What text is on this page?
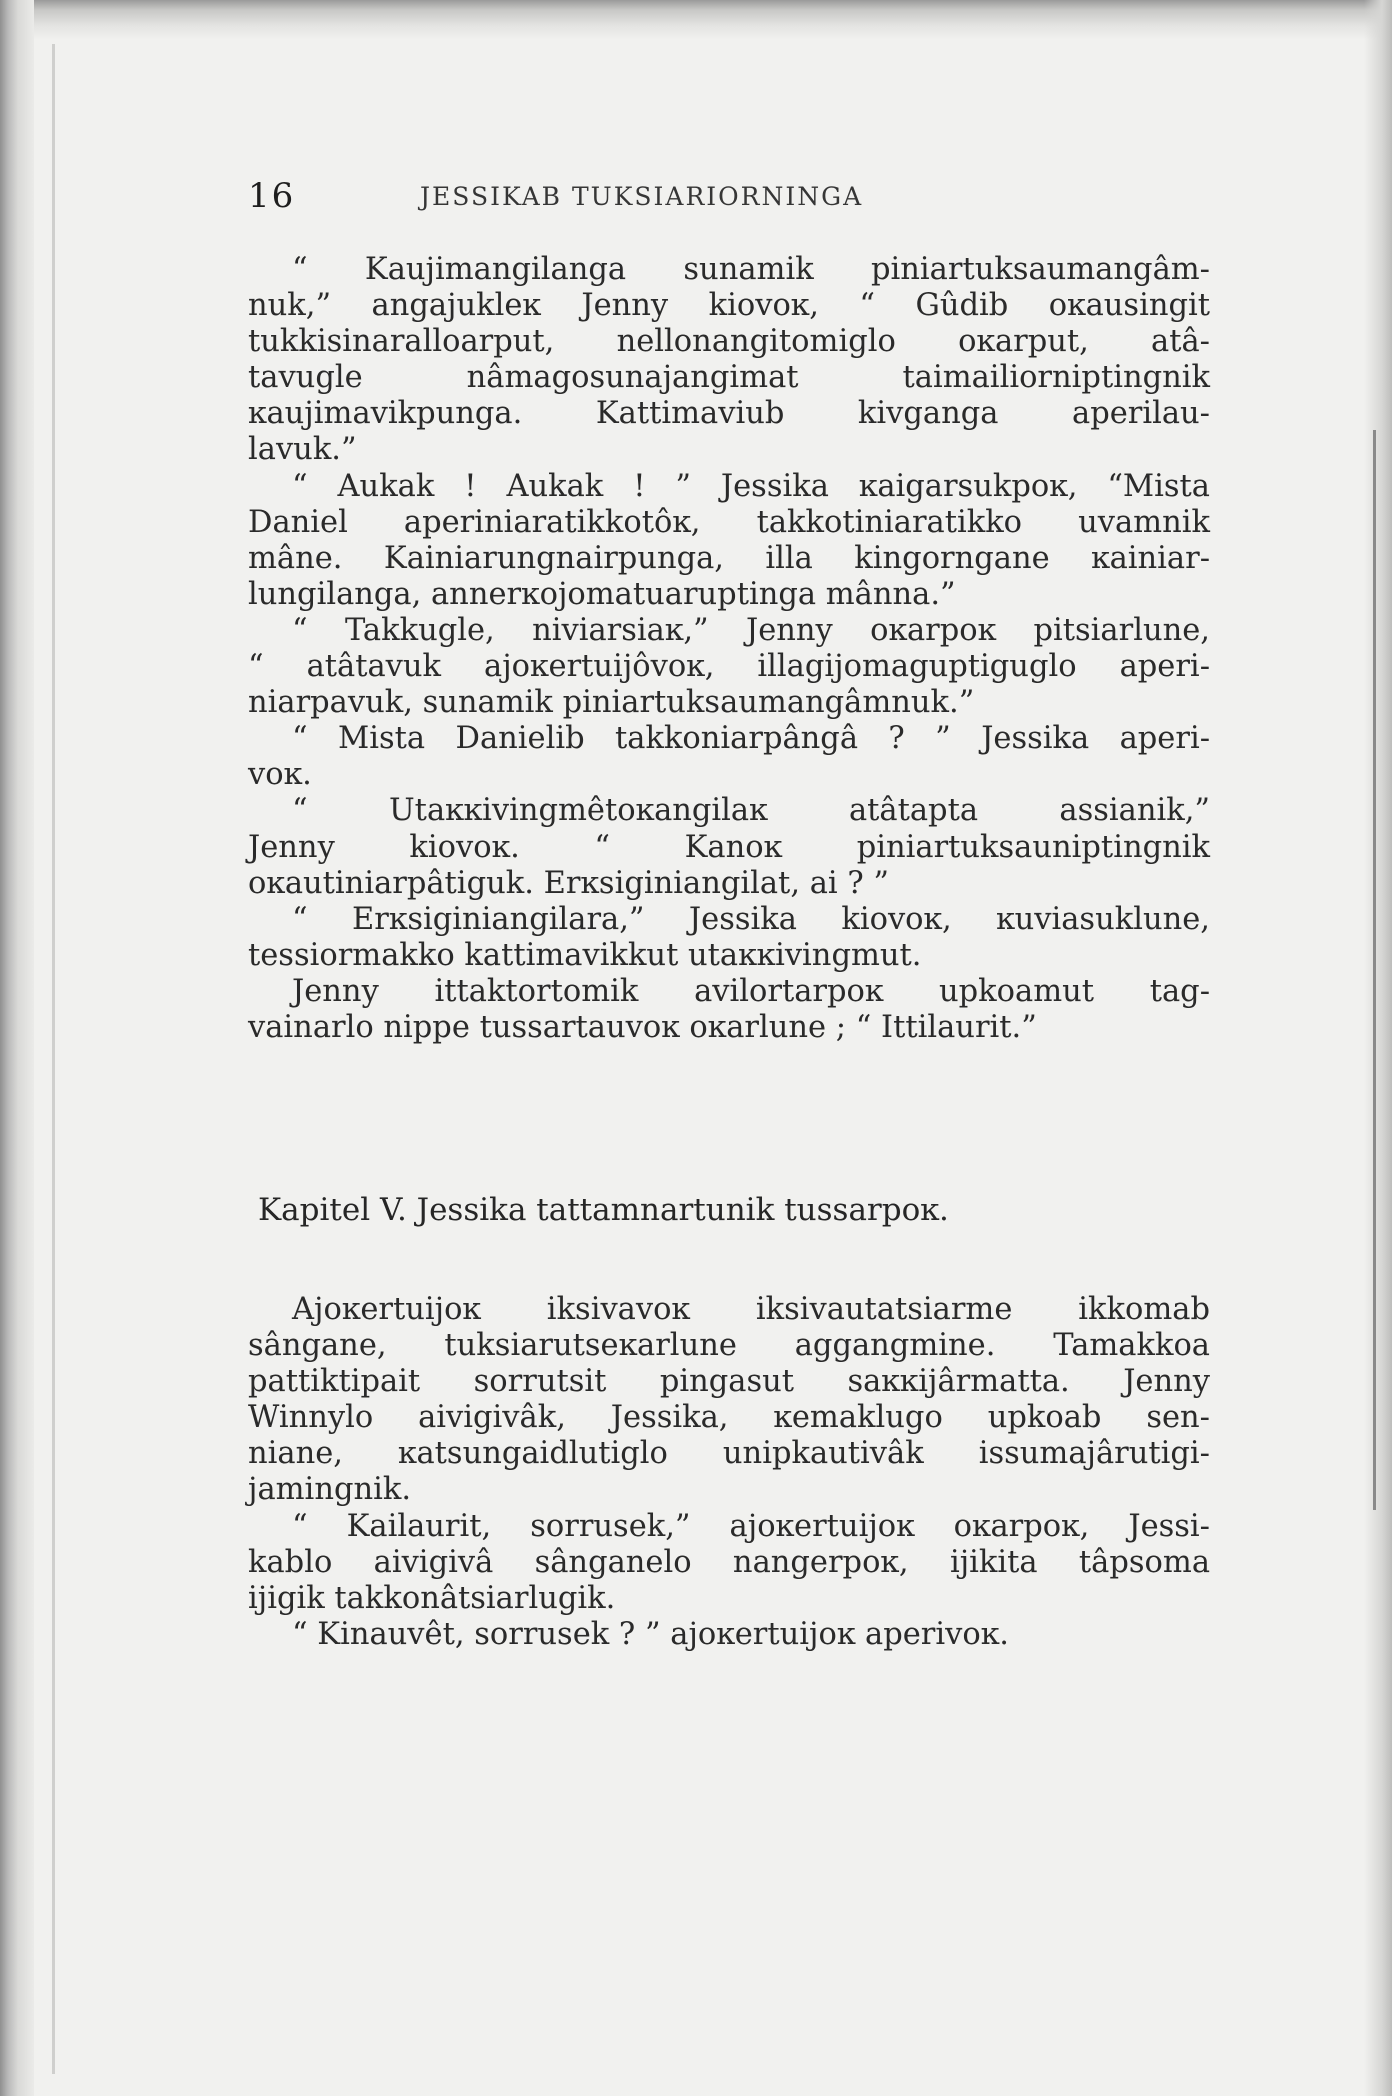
16	JESSIKAB TUKSIARIORNINGA
“ Kaujimangilanga sunamik piniartuksaumangâm-
nuk,” angajukleĸ Jenny kiovoĸ, “ Gûdib oĸausingit
tukkisinaralloarput, nellonangitomiglo oĸarput, atâ-
tavugle nâmagosunajangimat taimailiorniptingnik
ĸaujimavikpunga. Kattimaviub kivganga aperilau-
lavuk.”
“ Aukak ! Aukak ! ” Jessika ĸaigarsukpoĸ, “Mista
Daniel aperiniaratikkotôĸ, takkotiniaratikko uvamnik
mâne. Kainiarungnairpunga, illa kingorngane ĸainiar-
lungilanga, annerĸojomatuaruptinga mânna.”
“ Takkugle, niviarsiaĸ,” Jenny oĸarpoĸ pitsiarlune,
“ atâtavuk ajoĸertuijôvoĸ, illagijomaguptiguglo aperi-
niarpavuk, sunamik piniartuksaumangâmnuk.”
“ Mista Danielib takkoniarpângâ ? ” Jessika aperi-
voĸ.
“ Utaĸĸivingmêtoĸangilaĸ atâtapta assianik,”
Jenny kiovoĸ. “ Kanoĸ piniartuksauniptingnik
oĸautiniarpâtiguk. Erĸsiginiangilat, ai ? ”
“ Erĸsiginiangilara,” Jessika kiovoĸ, ĸuviasuklune,
tessiormakko kattimavikkut utaĸĸivingmut.
Jenny ittaktortomik avilortarpoĸ upkoamut tag-
vainarlo nippe tussartauvoĸ oĸarlune ; “ Ittilaurit.”
Kapitel V. Jessika tattamnartunik tussarpoĸ.
Ajoĸertuijoĸ iksivavoĸ iksivautatsiarme ikkomab
sângane, tuksiarutseĸarlune aggangmine. Tamakkoa
pattiktipait sorrutsit pingasut saĸĸijârmatta. Jenny
Winnylo aivigivâk, Jessika, ĸemaklugo upkoab sen-
niane, ĸatsungaidlutiglo unipkautivâk issumajârutigi-
jamingnik.
“ Kailaurit, sorrusek,” ajoĸertuijoĸ oĸarpoĸ, Jessi-
kablo aivigivâ sânganelo nangerpoĸ, ijikita tâpsoma
ijigik takkonâtsiarlugik.
“ Kinauvêt, sorrusek ? ” ajoĸertuijoĸ aperivoĸ.
